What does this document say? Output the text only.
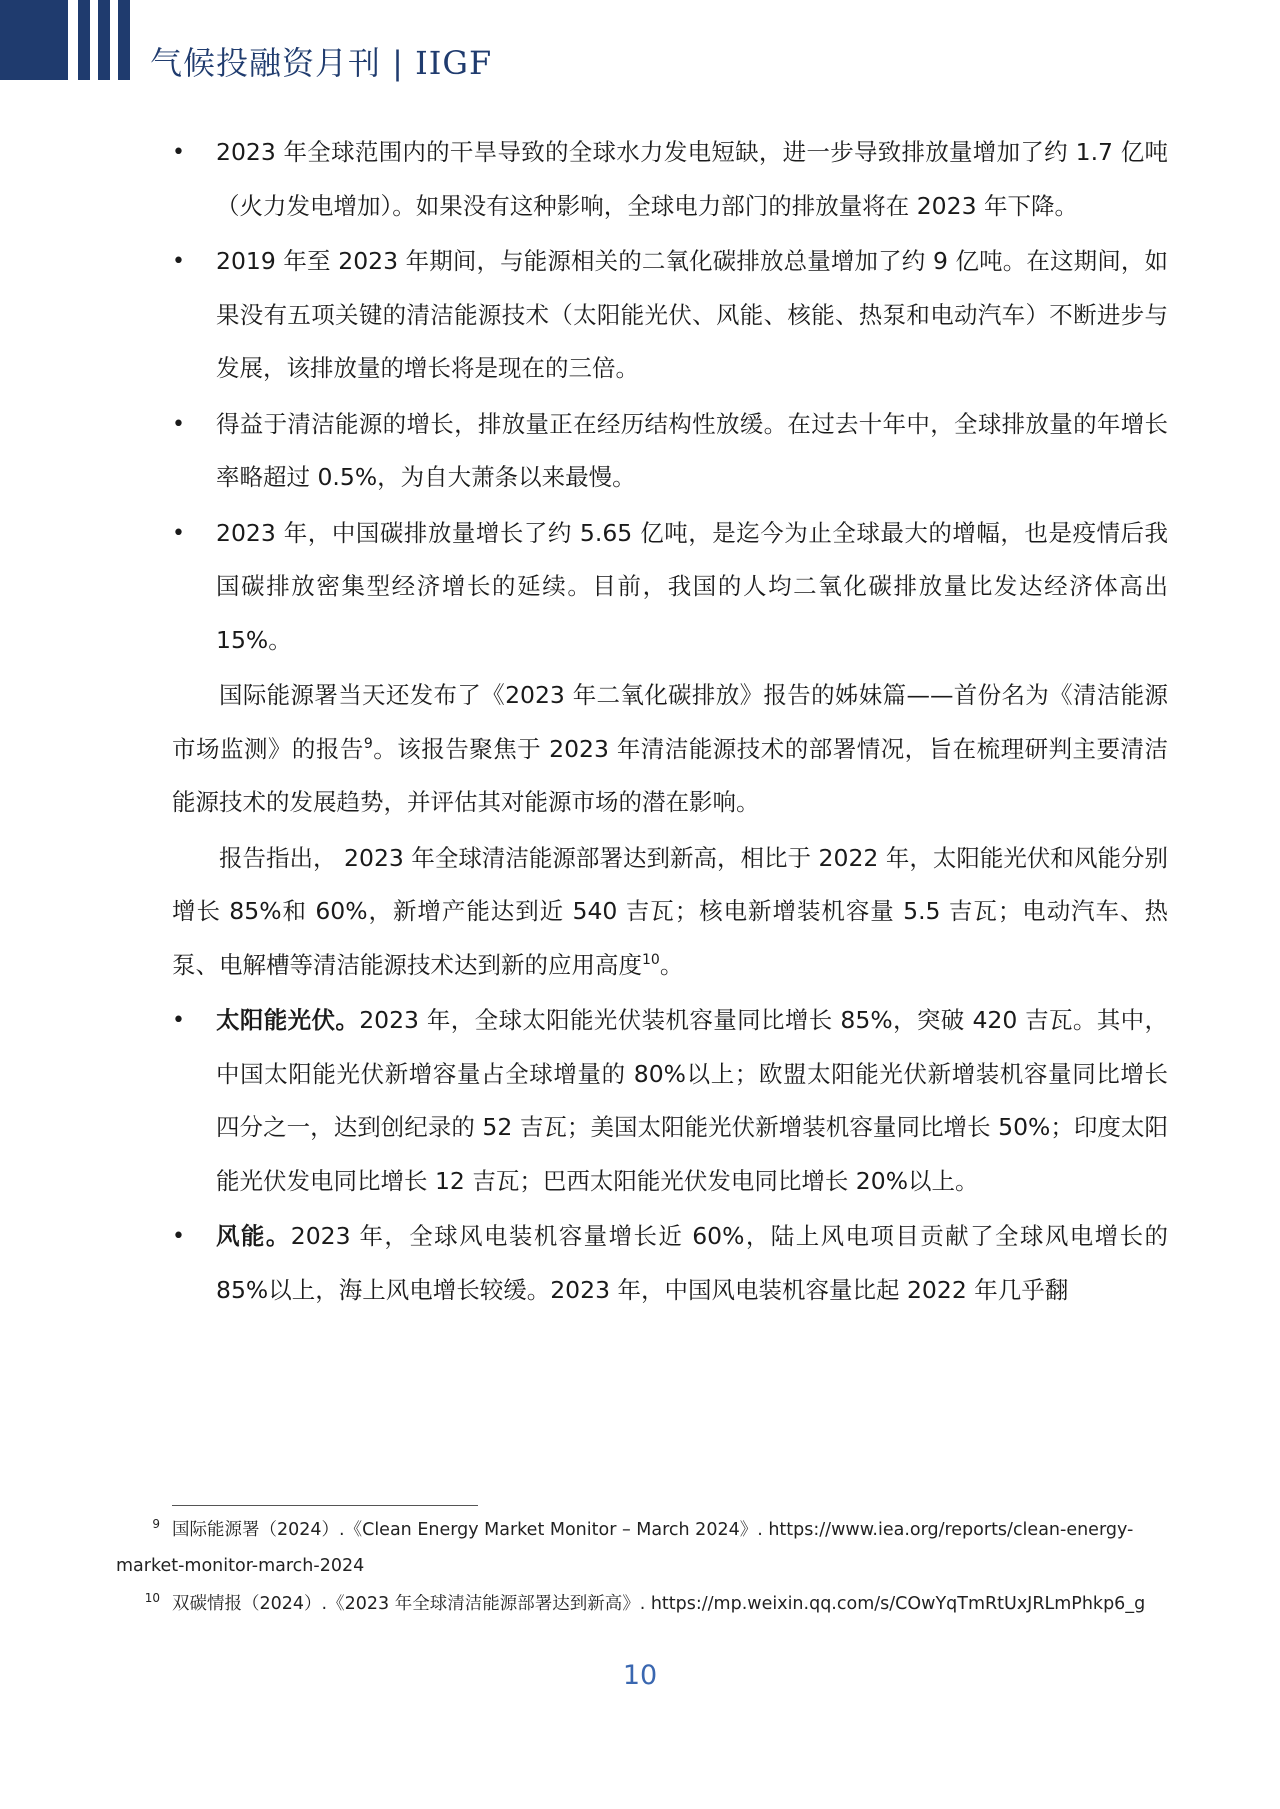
气候投融资月刊 | IIGF
• 2023 年全球范围内的干旱导致的全球水力发电短缺，进一步导致排放量增加了约 1.7 亿吨（火力发电增加）。如果没有这种影响，全球电力部门的排放量将在 2023 年下降。
• 2019 年至 2023 年期间，与能源相关的二氧化碳排放总量增加了约 9 亿吨。在这期间，如果没有五项关键的清洁能源技术（太阳能光伏、风能、核能、热泵和电动汽车）不断进步与发展，该排放量的增长将是现在的三倍。
• 得益于清洁能源的增长，排放量正在经历结构性放缓。在过去十年中，全球排放量的年增长率略超过 0.5%，为自大萧条以来最慢。
• 2023 年，中国碳排放量增长了约 5.65 亿吨，是迄今为止全球最大的增幅，也是疫情后我国碳排放密集型经济增长的延续。目前，我国的人均二氧化碳排放量比发达经济体高出 15%。

国际能源署当天还发布了《2023 年二氧化碳排放》报告的姊妹篇——首份名为《清洁能源市场监测》的报告$^9$。该报告聚焦于 2023 年清洁能源技术的部署情况，旨在梳理研判主要清洁能源技术的发展趋势，并评估其对能源市场的潜在影响。

报告指出， 2023 年全球清洁能源部署达到新高，相比于 2022 年，太阳能光伏和风能分别增长 85%和 60%，新增产能达到近 540 吉瓦；核电新增装机容量 5.5 吉瓦；电动汽车、热泵、电解槽等清洁能源技术达到新的应用高度$^{10}$。

• 太阳能光伏。2023 年，全球太阳能光伏装机容量同比增长 85%，突破 420 吉瓦。其中，中国太阳能光伏新增容量占全球增量的 80%以上；欧盟太阳能光伏新增装机容量同比增长四分之一，达到创纪录的 52 吉瓦；美国太阳能光伏新增装机容量同比增长 50%；印度太阳能光伏发电同比增长 12 吉瓦；巴西太阳能光伏发电同比增长 20%以上。
• 风能。2023 年，全球风电装机容量增长近 60%，陆上风电项目贡献了全球风电增长的 85%以上，海上风电增长较缓。2023 年，中国风电装机容量比起 2022 年几乎翻
$^9$ 国际能源署（2024）.《Clean Energy Market Monitor – March 2024》. https://www.iea.org/reports/clean-energy-market-monitor-march-2024
$^{10}$ 双碳情报（2024）.《2023 年全球清洁能源部署达到新高》. https://mp.weixin.qq.com/s/COwYqTmRtUxJRLmPhkp6_g
10
